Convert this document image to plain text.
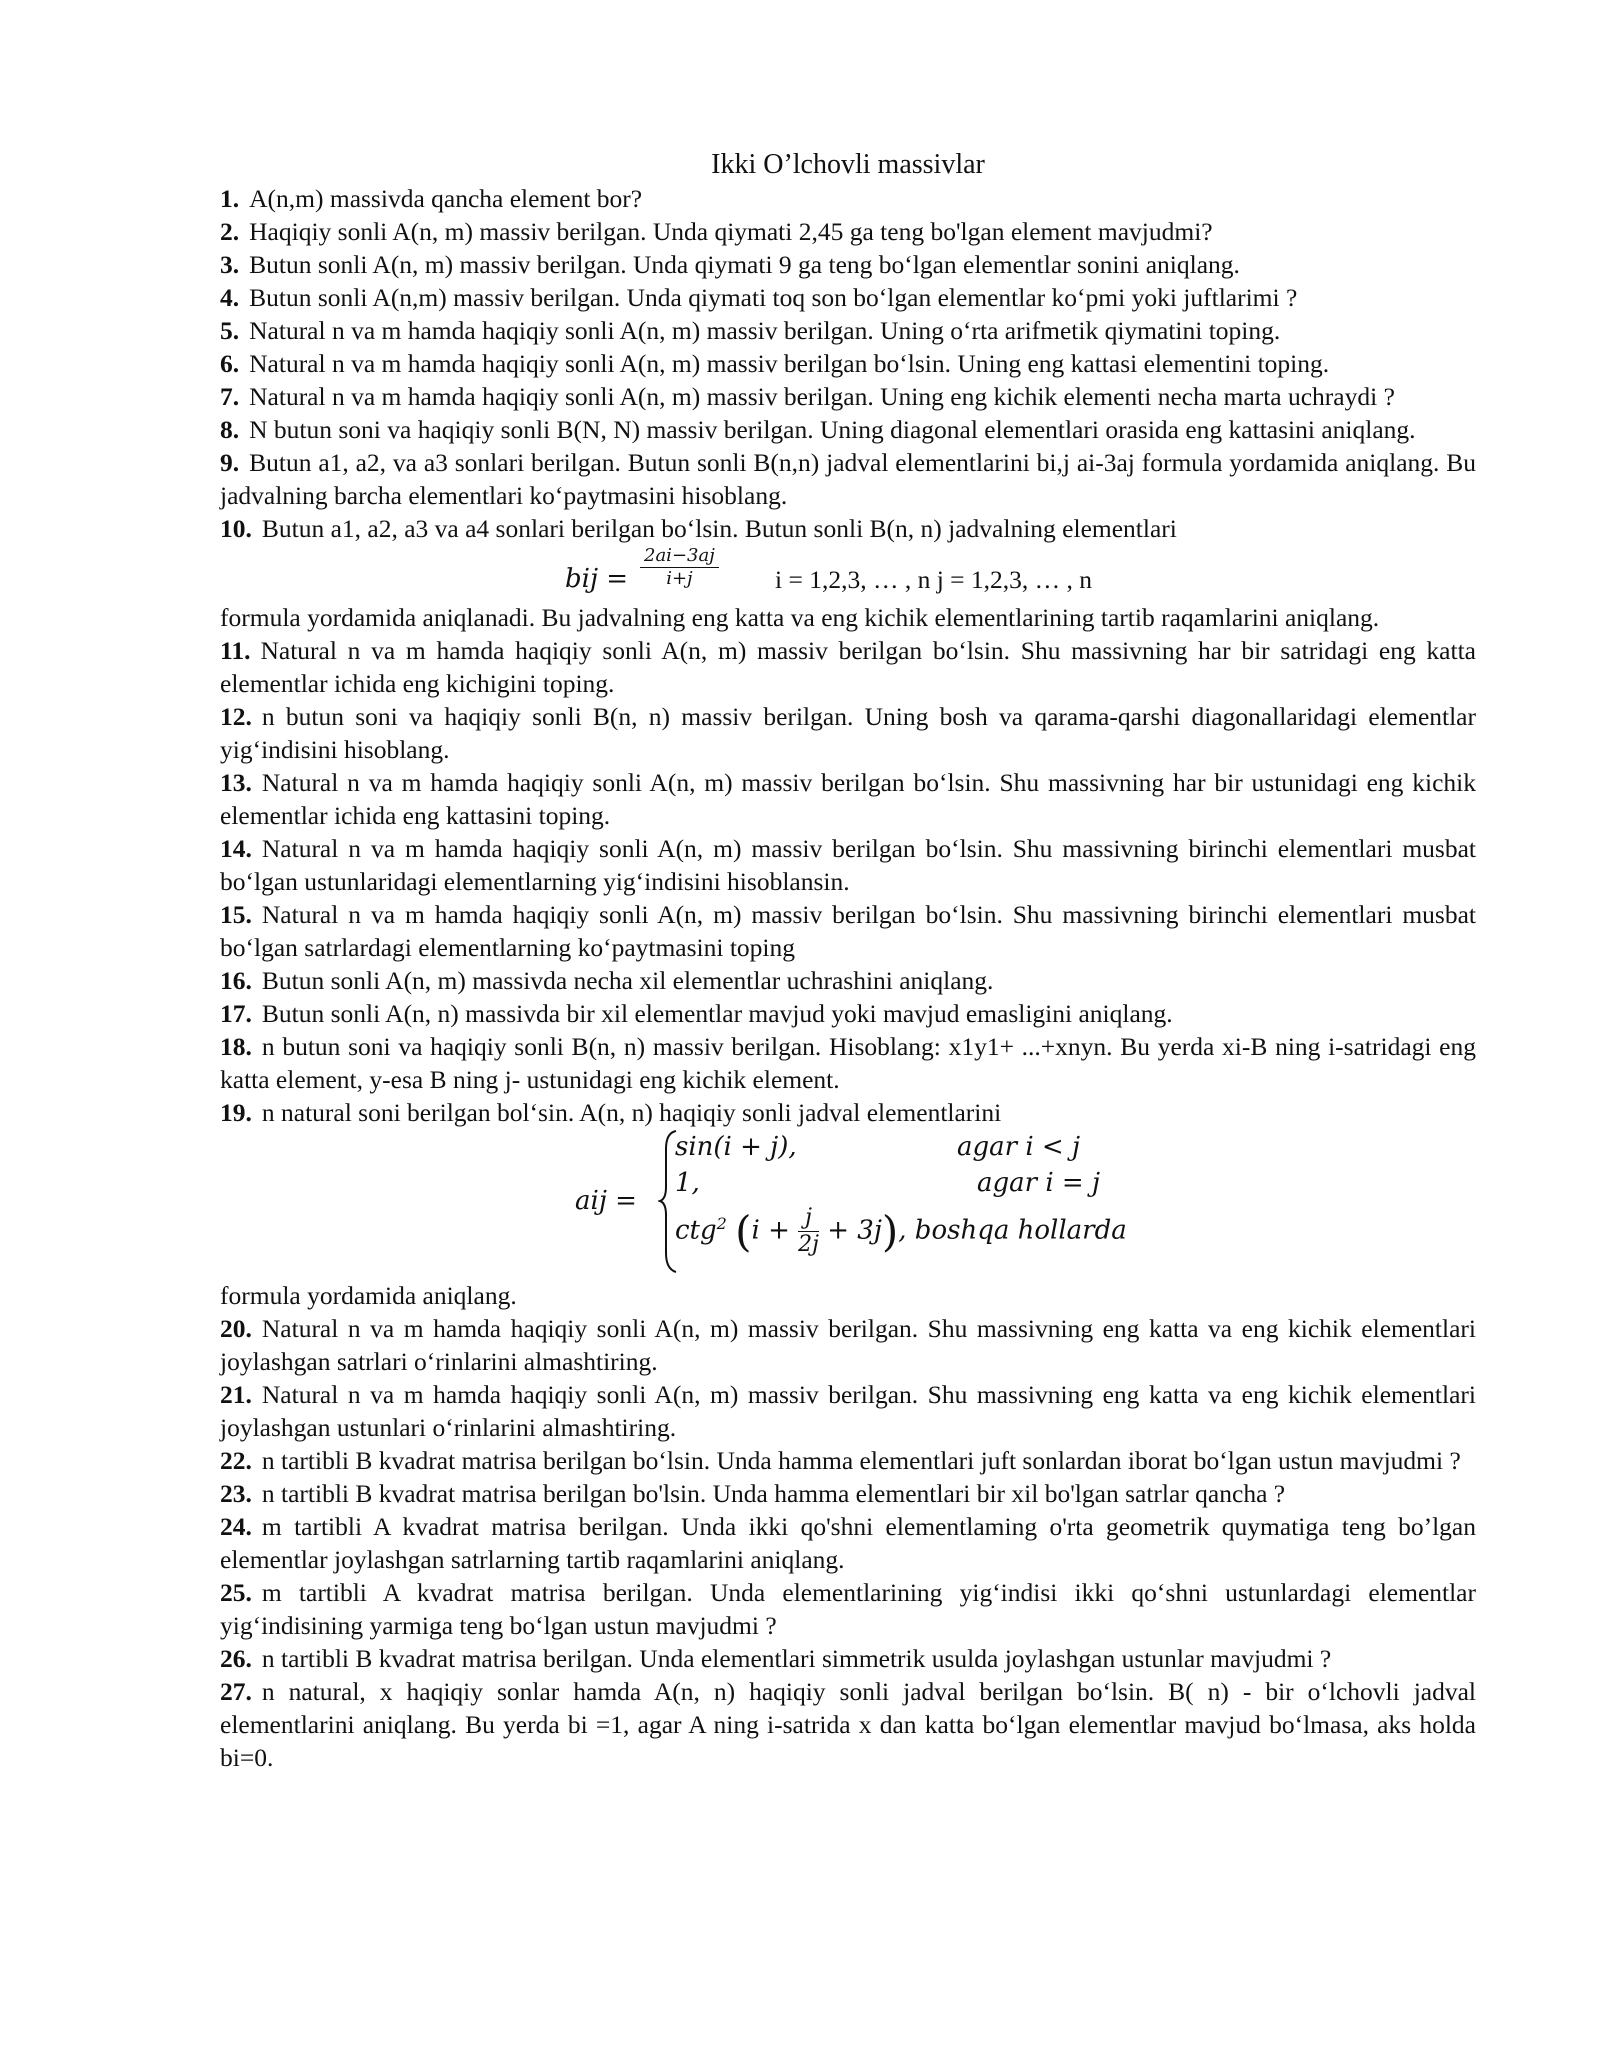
Ikki O’lchovli massivlar

1. A(n,m) massivda qancha element bor?

2. Haqiqiy sonli A(n, m) massiv berilgan. Unda qiymati 2,45 ga teng bo'lgan element mavjudmi?

3. Butun sonli A(n, m) massiv berilgan. Unda qiymati 9 ga teng bo‘lgan elementlar sonini aniqlang.

4. Butun sonli A(n,m) massiv berilgan. Unda qiymati toq son bo‘lgan elementlar ko‘pmi yoki juftlarimi ?

5. Natural n va m hamda haqiqiy sonli A(n, m) massiv berilgan. Uning o‘rta arifmetik qiymatini toping.

6. Natural n va m hamda haqiqiy sonli A(n, m) massiv berilgan bo‘lsin. Uning eng kattasi elementini toping.

7. Natural n va m hamda haqiqiy sonli A(n, m) massiv berilgan. Uning eng kichik elementi necha marta uchraydi ?

8. N butun soni va haqiqiy sonli B(N, N) massiv berilgan. Uning diagonal elementlari orasida eng kattasini aniqlang.

9. Butun a1, a2, va a3 sonlari berilgan. Butun sonli B(n,n) jadval elementlarini bi,j ai-3aj formula yordamida aniqlang. Bu jadvalning barcha elementlari ko‘paytmasini hisoblang.

10. Butun a1, a2, a3 va a4 sonlari berilgan bo‘lsin. Butun sonli B(n, n) jadvalning elementlari

bij = $\frac{2ai-3aj}{i+j}$ i = 1,2,3, … , n j = 1,2,3, … , n

formula yordamida aniqlanadi. Bu jadvalning eng katta va eng kichik elementlarining tartib raqamlarini aniqlang.

11. Natural n va m hamda haqiqiy sonli A(n, m) massiv berilgan bo‘lsin. Shu massivning har bir satridagi eng katta elementlar ichida eng kichigini toping.

12. n butun soni va haqiqiy sonli B(n, n) massiv berilgan. Uning bosh va qarama-qarshi diagonallaridagi elementlar yig‘indisini hisoblang.

13. Natural n va m hamda haqiqiy sonli A(n, m) massiv berilgan bo‘lsin. Shu massivning har bir ustunidagi eng kichik elementlar ichida eng kattasini toping.

14. Natural n va m hamda haqiqiy sonli A(n, m) massiv berilgan bo‘lsin. Shu massivning birinchi elementlari musbat bo‘lgan ustunlaridagi elementlarning yig‘indisini hisoblansin.

15. Natural n va m hamda haqiqiy sonli A(n, m) massiv berilgan bo‘lsin. Shu massivning birinchi elementlari musbat bo‘lgan satrlardagi elementlarning ko‘paytmasini toping

16. Butun sonli A(n, m) massivda necha xil elementlar uchrashini aniqlang.

17. Butun sonli A(n, n) massivda bir xil elementlar mavjud yoki mavjud emasligini aniqlang.

18. n butun soni va haqiqiy sonli B(n, n) massiv berilgan. Hisoblang: x1y1+ ...+xnyn. Bu yerda xi-B ning i-satridagi eng katta element, y-esa B ning j- ustunidagi eng kichik element.

19. n natural soni berilgan bol‘sin. A(n, n) haqiqiy sonli jadval elementlarini

aij =
sin(i + j),	agar i < j
1,	agar i = j
ctg$^2$ $(i + \frac{j}{2j} + 3j)$, boshqa hollarda

formula yordamida aniqlang.

20. Natural n va m hamda haqiqiy sonli A(n, m) massiv berilgan. Shu massivning eng katta va eng kichik elementlari joylashgan satrlari o‘rinlarini almashtiring.

21. Natural n va m hamda haqiqiy sonli A(n, m) massiv berilgan. Shu massivning eng katta va eng kichik elementlari joylashgan ustunlari o‘rinlarini almashtiring.

22. n tartibli B kvadrat matrisa berilgan bo‘lsin. Unda hamma elementlari juft sonlardan iborat bo‘lgan ustun mavjudmi ?

23. n tartibli B kvadrat matrisa berilgan bo'lsin. Unda hamma elementlari bir xil bo'lgan satrlar qancha ?

24. m tartibli A kvadrat matrisa berilgan. Unda ikki qo'shni elementlaming o'rta geometrik quymatiga teng bo’lgan elementlar joylashgan satrlarning tartib raqamlarini aniqlang.

25. m tartibli A kvadrat matrisa berilgan. Unda elementlarining yig‘indisi ikki qo‘shni ustunlardagi elementlar yig‘indisining yarmiga teng bo‘lgan ustun mavjudmi ?

26. n tartibli B kvadrat matrisa berilgan. Unda elementlari simmetrik usulda joylashgan ustunlar mavjudmi ?

27. n natural, x haqiqiy sonlar hamda A(n, n) haqiqiy sonli jadval berilgan bo‘lsin. B( n) - bir o‘lchovli jadval elementlarini aniqlang. Bu yerda bi =1, agar A ning i-satrida x dan katta bo‘lgan elementlar mavjud bo‘lmasa, aks holda bi=0.
